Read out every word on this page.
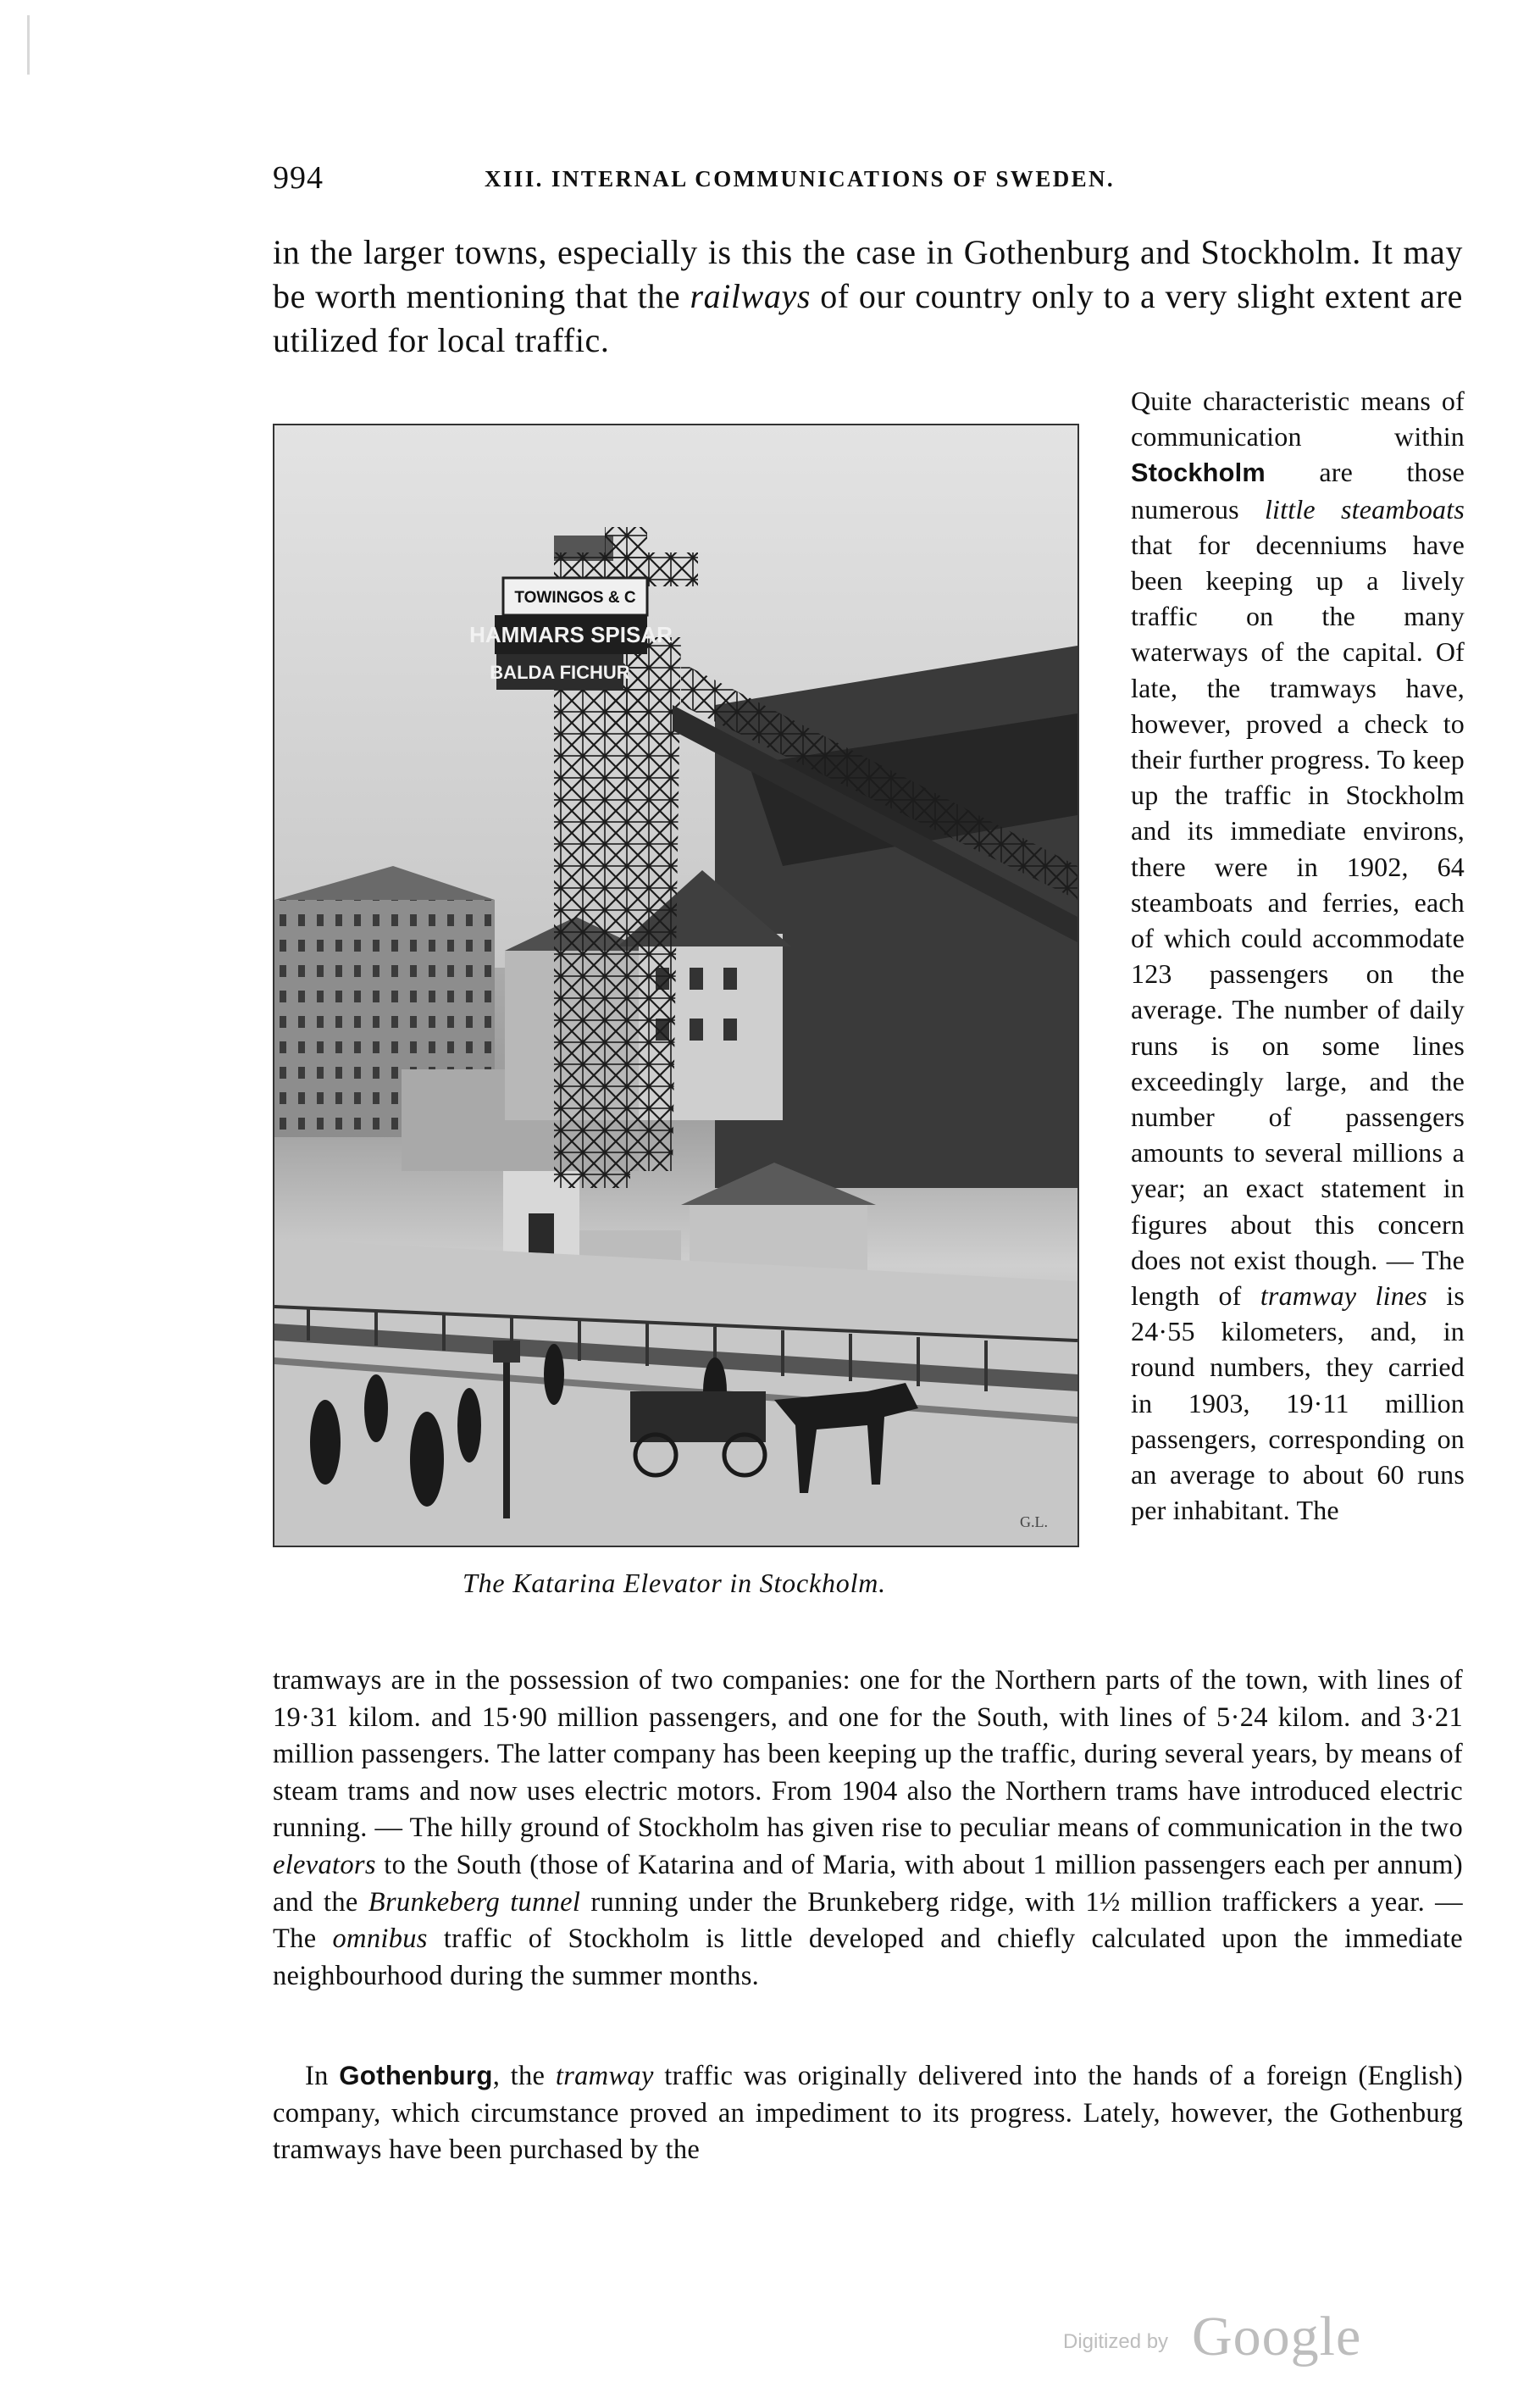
994	XIII. INTERNAL COMMUNICATIONS OF SWEDEN.

in the larger towns, especially is this the case in Gothenburg and Stockholm. It may be worth mentioning that the railways of our country only to a very slight extent are utilized for local traffic.

TOWINGOS & C
HAMMARS SPISAR
BALDA FICHUR
G.L.
The Katarina Elevator in Stockholm.

Quite characteristic means of communication within Stockholm are those numerous little steamboats that for decenniums have been keeping up a lively traffic on the many waterways of the capital. Of late, the tramways have, however, proved a check to their further progress. To keep up the traffic in Stockholm and its immediate environs, there were in 1902, 64 steamboats and ferries, each of which could accommodate 123 passengers on the average. The number of daily runs is on some lines exceedingly large, and the number of passengers amounts to several millions a year; an exact statement in figures about this concern does not exist though. — The length of tramway lines is 24·55 kilometers, and, in round numbers, they carried in 1903, 19·11 million passengers, corresponding on an average to about 60 runs per inhabitant. The

tramways are in the possession of two companies: one for the Northern parts of the town, with lines of 19·31 kilom. and 15·90 million passengers, and one for the South, with lines of 5·24 kilom. and 3·21 million passengers. The latter company has been keeping up the traffic, during several years, by means of steam trams and now uses electric motors. From 1904 also the Northern trams have introduced electric running. — The hilly ground of Stockholm has given rise to peculiar means of communication in the two elevators to the South (those of Katarina and of Maria, with about 1 million passengers each per annum) and the Brunkeberg tunnel running under the Brunkeberg ridge, with 1½ million traffickers a year. — The omnibus traffic of Stockholm is little developed and chiefly calculated upon the immediate neighbourhood during the summer months.

In Gothenburg, the tramway traffic was originally delivered into the hands of a foreign (English) company, which circumstance proved an impediment to its progress. Lately, however, the Gothenburg tramways have been purchased by the

Digitized by Google
